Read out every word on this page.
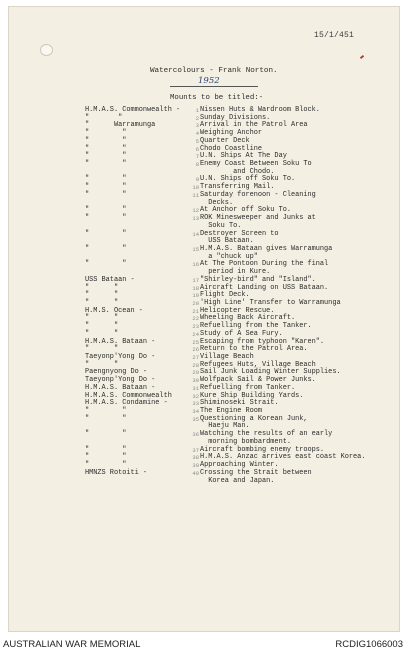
15/1/451
Watercolours - Frank Norton.
1952
Mounts to be titled:-
H.M.A.S. Commonwealth -	1 Nissen Huts & Wardroom Block.
"       "	2 Sunday Divisions.
"      Warramunga	3 Arrival in the Patrol Area
"        "	4 Weighing Anchor
"        "	5 Quarter Deck
"        "	6 Chodo Coastline
"        "	7 U.N. Ships At The Day
"        "	8 Enemy Coast Between Soku To
and Chodo.
"        "	9 U.N. Ships off Soku To.
"        "	10 Transferring Mail.
"        "	11 Saturday forenoon - Cleaning
Decks.
"        "	12 At Anchor off Soku To.
"        "	13 ROK Minesweeper and Junks at
Soku To.
"        "	14 Destroyer Screen to
USS Bataan.
"        "	15 H.M.A.S. Bataan gives Warramunga
a "chuck up"
"        "	16 At The Pontoon During the final
period in Kure.
USS Bataan -	17 "Shirley-bird" and "Island".
"      "	18 Aircraft Landing on USS Bataan.
"      "	19 Flight Deck.
"      "	20 'High Line' Transfer to Warramunga
H.M.S. Ocean -	21 Helicopter Rescue.
"      "	22 Wheeling Back Aircraft.
"      "	23 Refuelling from the Tanker.
"      "	24 Study of A Sea Fury.
H.M.A.S. Bataan -	25 Escaping from typhoon "Karen".
"      "	26 Return to the Patrol Area.
Taeyonp'Yong Do -	27 Village Beach
"      "	28 Refugees Huts, Village Beach
Paengnyong Do -	29 Sail Junk Loading Winter Supplies.
Taeyonp'Yong Do -	30 Wolfpack Sail & Power Junks.
H.M.A.S. Bataan -	31 Refuelling from Tanker.
H.M.A.S. Commonwealth	32 Kure Ship Building Yards.
H.M.A.S. Condamine -	33 Shiminoseki Strait.
"        "	34 The Engine Room
"        "	35 Questioning a Korean Junk,
Haeju Man.
"        "	36 Watching the results of an early
morning bombardment.
"        "	37 Aircraft bombing enemy troops.
"        "	38 H.M.A.S. Anzac arrives east coast Korea.
"        "	39 Approaching Winter.
HMNZS Rotoiti -	40 Crossing the Strait between
Korea and Japan.
AUSTRALIAN WAR MEMORIAL	RCDIG1066003
